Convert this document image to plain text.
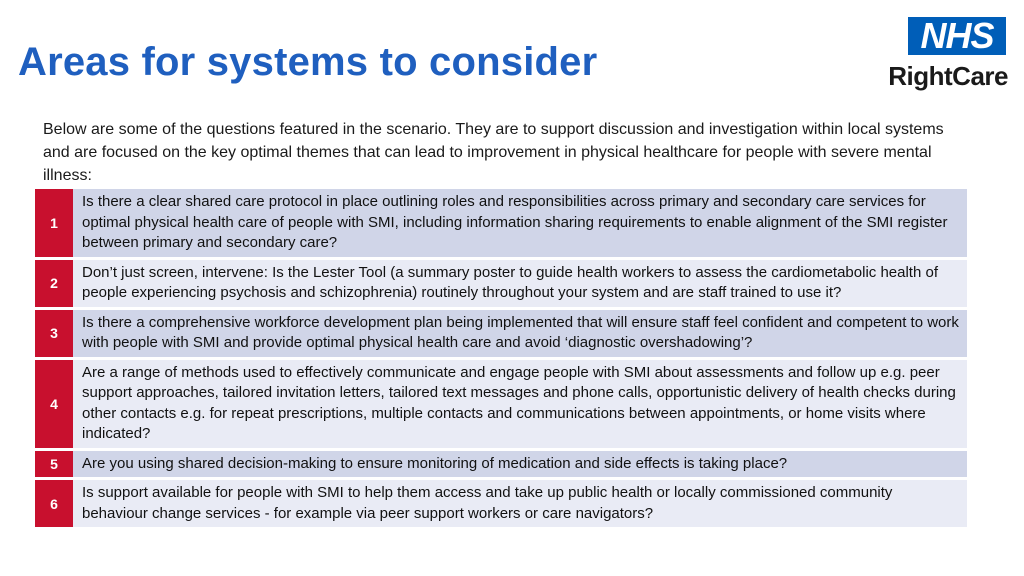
Areas for systems to consider
NHS
RightCare

Below are some of the questions featured in the scenario. They are to support discussion and investigation within local systems and are focused on the key optimal themes that can lead to improvement in physical healthcare for people with severe mental illness:

1
Is there a clear shared care protocol in place outlining roles and responsibilities across primary and secondary care services for optimal physical health care of people with SMI, including information sharing requirements to enable alignment of the SMI register between primary and secondary care?
2
Don’t just screen, intervene: Is the Lester Tool (a summary poster to guide health workers to assess the cardiometabolic health of people experiencing psychosis and schizophrenia) routinely throughout your system and are staff trained to use it?
3
Is there a comprehensive workforce development plan being implemented that will ensure staff feel confident and competent to work with people with SMI and provide optimal physical health care and avoid ‘diagnostic overshadowing’?
4
Are a range of methods used to effectively communicate and engage people with SMI about assessments and follow up e.g. peer support approaches, tailored invitation letters, tailored text messages and phone calls, opportunistic delivery of health checks during other contacts e.g. for repeat prescriptions, multiple contacts and communications between appointments, or home visits where indicated?
5	Are you using shared decision-making to ensure monitoring of medication and side effects is taking place?
6
Is support available for people with SMI to help them access and take up public health or locally commissioned community behaviour change services - for example via peer support workers or care navigators?
